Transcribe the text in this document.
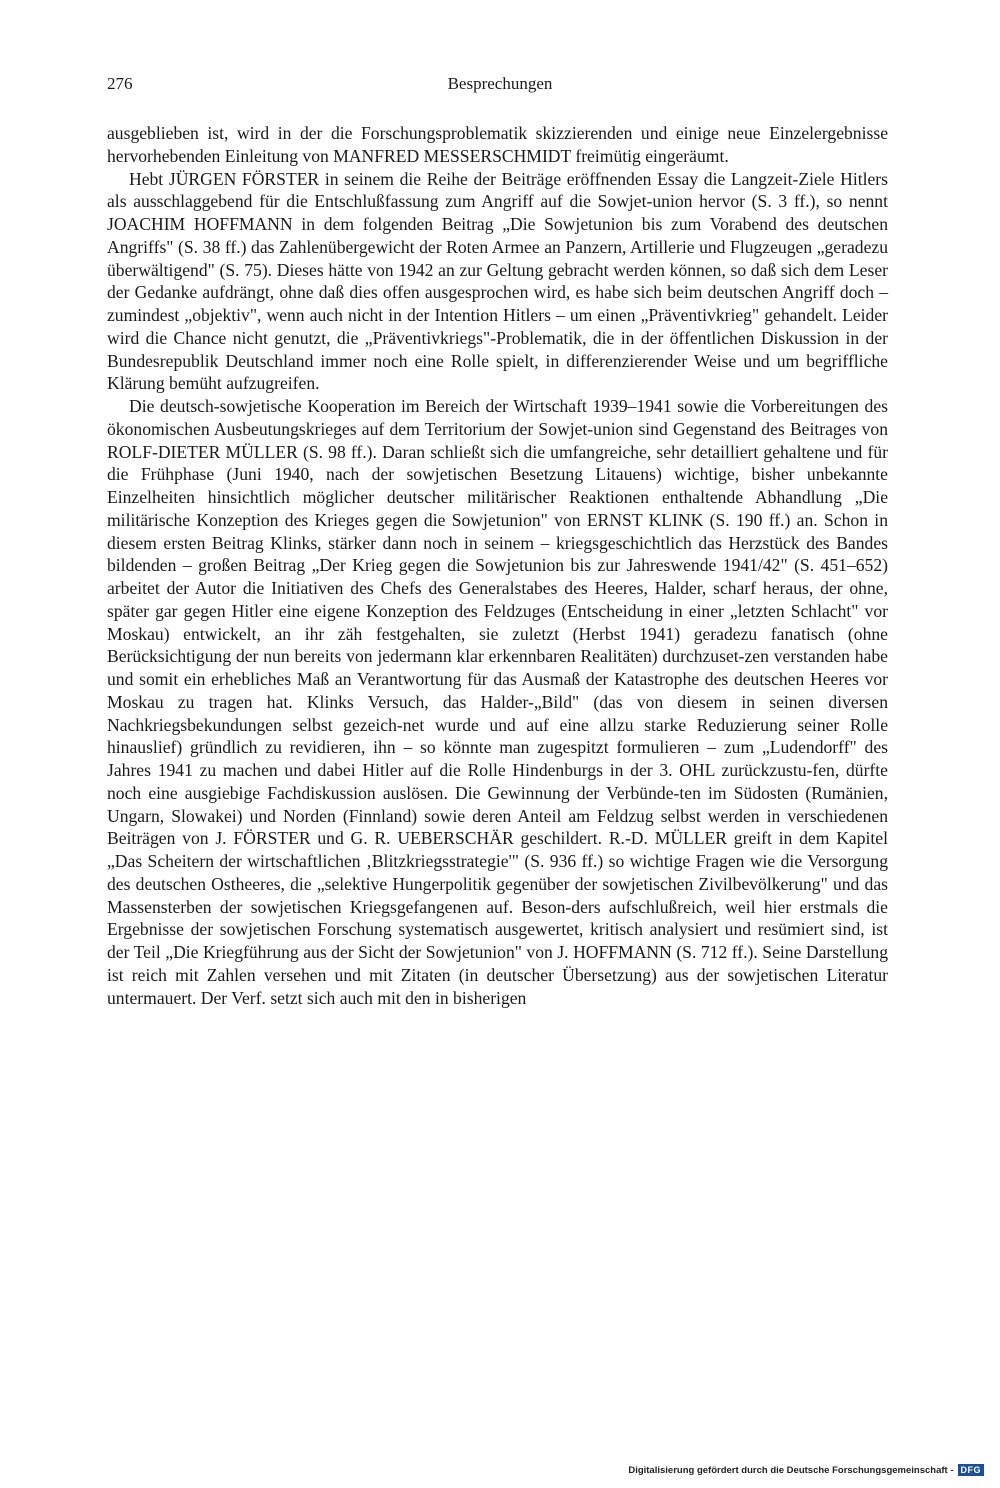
276	Besprechungen

ausgeblieben ist, wird in der die Forschungsproblematik skizzierenden und einige neue Einzelergebnisse hervorhebenden Einleitung von MANFRED MESSERSCHMIDT freimütig eingeräumt.

Hebt JÜRGEN FÖRSTER in seinem die Reihe der Beiträge eröffnenden Essay die Langzeit-Ziele Hitlers als ausschlaggebend für die Entschlußfassung zum Angriff auf die Sowjet-union hervor (S. 3 ff.), so nennt JOACHIM HOFFMANN in dem folgenden Beitrag „Die Sowjetunion bis zum Vorabend des deutschen Angriffs" (S. 38 ff.) das Zahlenübergewicht der Roten Armee an Panzern, Artillerie und Flugzeugen „geradezu überwältigend" (S. 75). Dieses hätte von 1942 an zur Geltung gebracht werden können, so daß sich dem Leser der Gedanke aufdrängt, ohne daß dies offen ausgesprochen wird, es habe sich beim deutschen Angriff doch – zumindest „objektiv", wenn auch nicht in der Intention Hitlers – um einen „Präventivkrieg" gehandelt. Leider wird die Chance nicht genutzt, die „Präventivkriegs"-Problematik, die in der öffentlichen Diskussion in der Bundesrepublik Deutschland immer noch eine Rolle spielt, in differenzierender Weise und um begriffliche Klärung bemüht aufzugreifen.

Die deutsch-sowjetische Kooperation im Bereich der Wirtschaft 1939–1941 sowie die Vorbereitungen des ökonomischen Ausbeutungskrieges auf dem Territorium der Sowjet-union sind Gegenstand des Beitrages von ROLF-DIETER MÜLLER (S. 98 ff.). Daran schließt sich die umfangreiche, sehr detailliert gehaltene und für die Frühphase (Juni 1940, nach der sowjetischen Besetzung Litauens) wichtige, bisher unbekannte Einzelheiten hinsichtlich möglicher deutscher militärischer Reaktionen enthaltende Abhandlung „Die militärische Konzeption des Krieges gegen die Sowjetunion" von ERNST KLINK (S. 190 ff.) an. Schon in diesem ersten Beitrag Klinks, stärker dann noch in seinem – kriegsgeschichtlich das Herzstück des Bandes bildenden – großen Beitrag „Der Krieg gegen die Sowjetunion bis zur Jahreswende 1941/42" (S. 451–652) arbeitet der Autor die Initiativen des Chefs des Generalstabes des Heeres, Halder, scharf heraus, der ohne, später gar gegen Hitler eine eigene Konzeption des Feldzuges (Entscheidung in einer „letzten Schlacht" vor Moskau) entwickelt, an ihr zäh festgehalten, sie zuletzt (Herbst 1941) geradezu fanatisch (ohne Berücksichtigung der nun bereits von jedermann klar erkennbaren Realitäten) durchzuset-zen verstanden habe und somit ein erhebliches Maß an Verantwortung für das Ausmaß der Katastrophe des deutschen Heeres vor Moskau zu tragen hat. Klinks Versuch, das Halder-„Bild" (das von diesem in seinen diversen Nachkriegsbekundungen selbst gezeich-net wurde und auf eine allzu starke Reduzierung seiner Rolle hinauslief) gründlich zu revidieren, ihn – so könnte man zugespitzt formulieren – zum „Ludendorff" des Jahres 1941 zu machen und dabei Hitler auf die Rolle Hindenburgs in der 3. OHL zurückzustu-fen, dürfte noch eine ausgiebige Fachdiskussion auslösen. Die Gewinnung der Verbünde-ten im Südosten (Rumänien, Ungarn, Slowakei) und Norden (Finnland) sowie deren Anteil am Feldzug selbst werden in verschiedenen Beiträgen von J. FÖRSTER und G. R. UEBERSCHÄR geschildert. R.-D. MÜLLER greift in dem Kapitel „Das Scheitern der wirtschaftlichen ‚Blitzkriegsstrategie'" (S. 936 ff.) so wichtige Fragen wie die Versorgung des deutschen Ostheeres, die „selektive Hungerpolitik gegenüber der sowjetischen Zivilbevölkerung" und das Massensterben der sowjetischen Kriegsgefangenen auf. Beson-ders aufschlußreich, weil hier erstmals die Ergebnisse der sowjetischen Forschung systematisch ausgewertet, kritisch analysiert und resümiert sind, ist der Teil „Die Kriegführung aus der Sicht der Sowjetunion" von J. HOFFMANN (S. 712 ff.). Seine Darstellung ist reich mit Zahlen versehen und mit Zitaten (in deutscher Übersetzung) aus der sowjetischen Literatur untermauert. Der Verf. setzt sich auch mit den in bisherigen

Digitalisierung gefördert durch die Deutsche Forschungsgemeinschaft - DFG
